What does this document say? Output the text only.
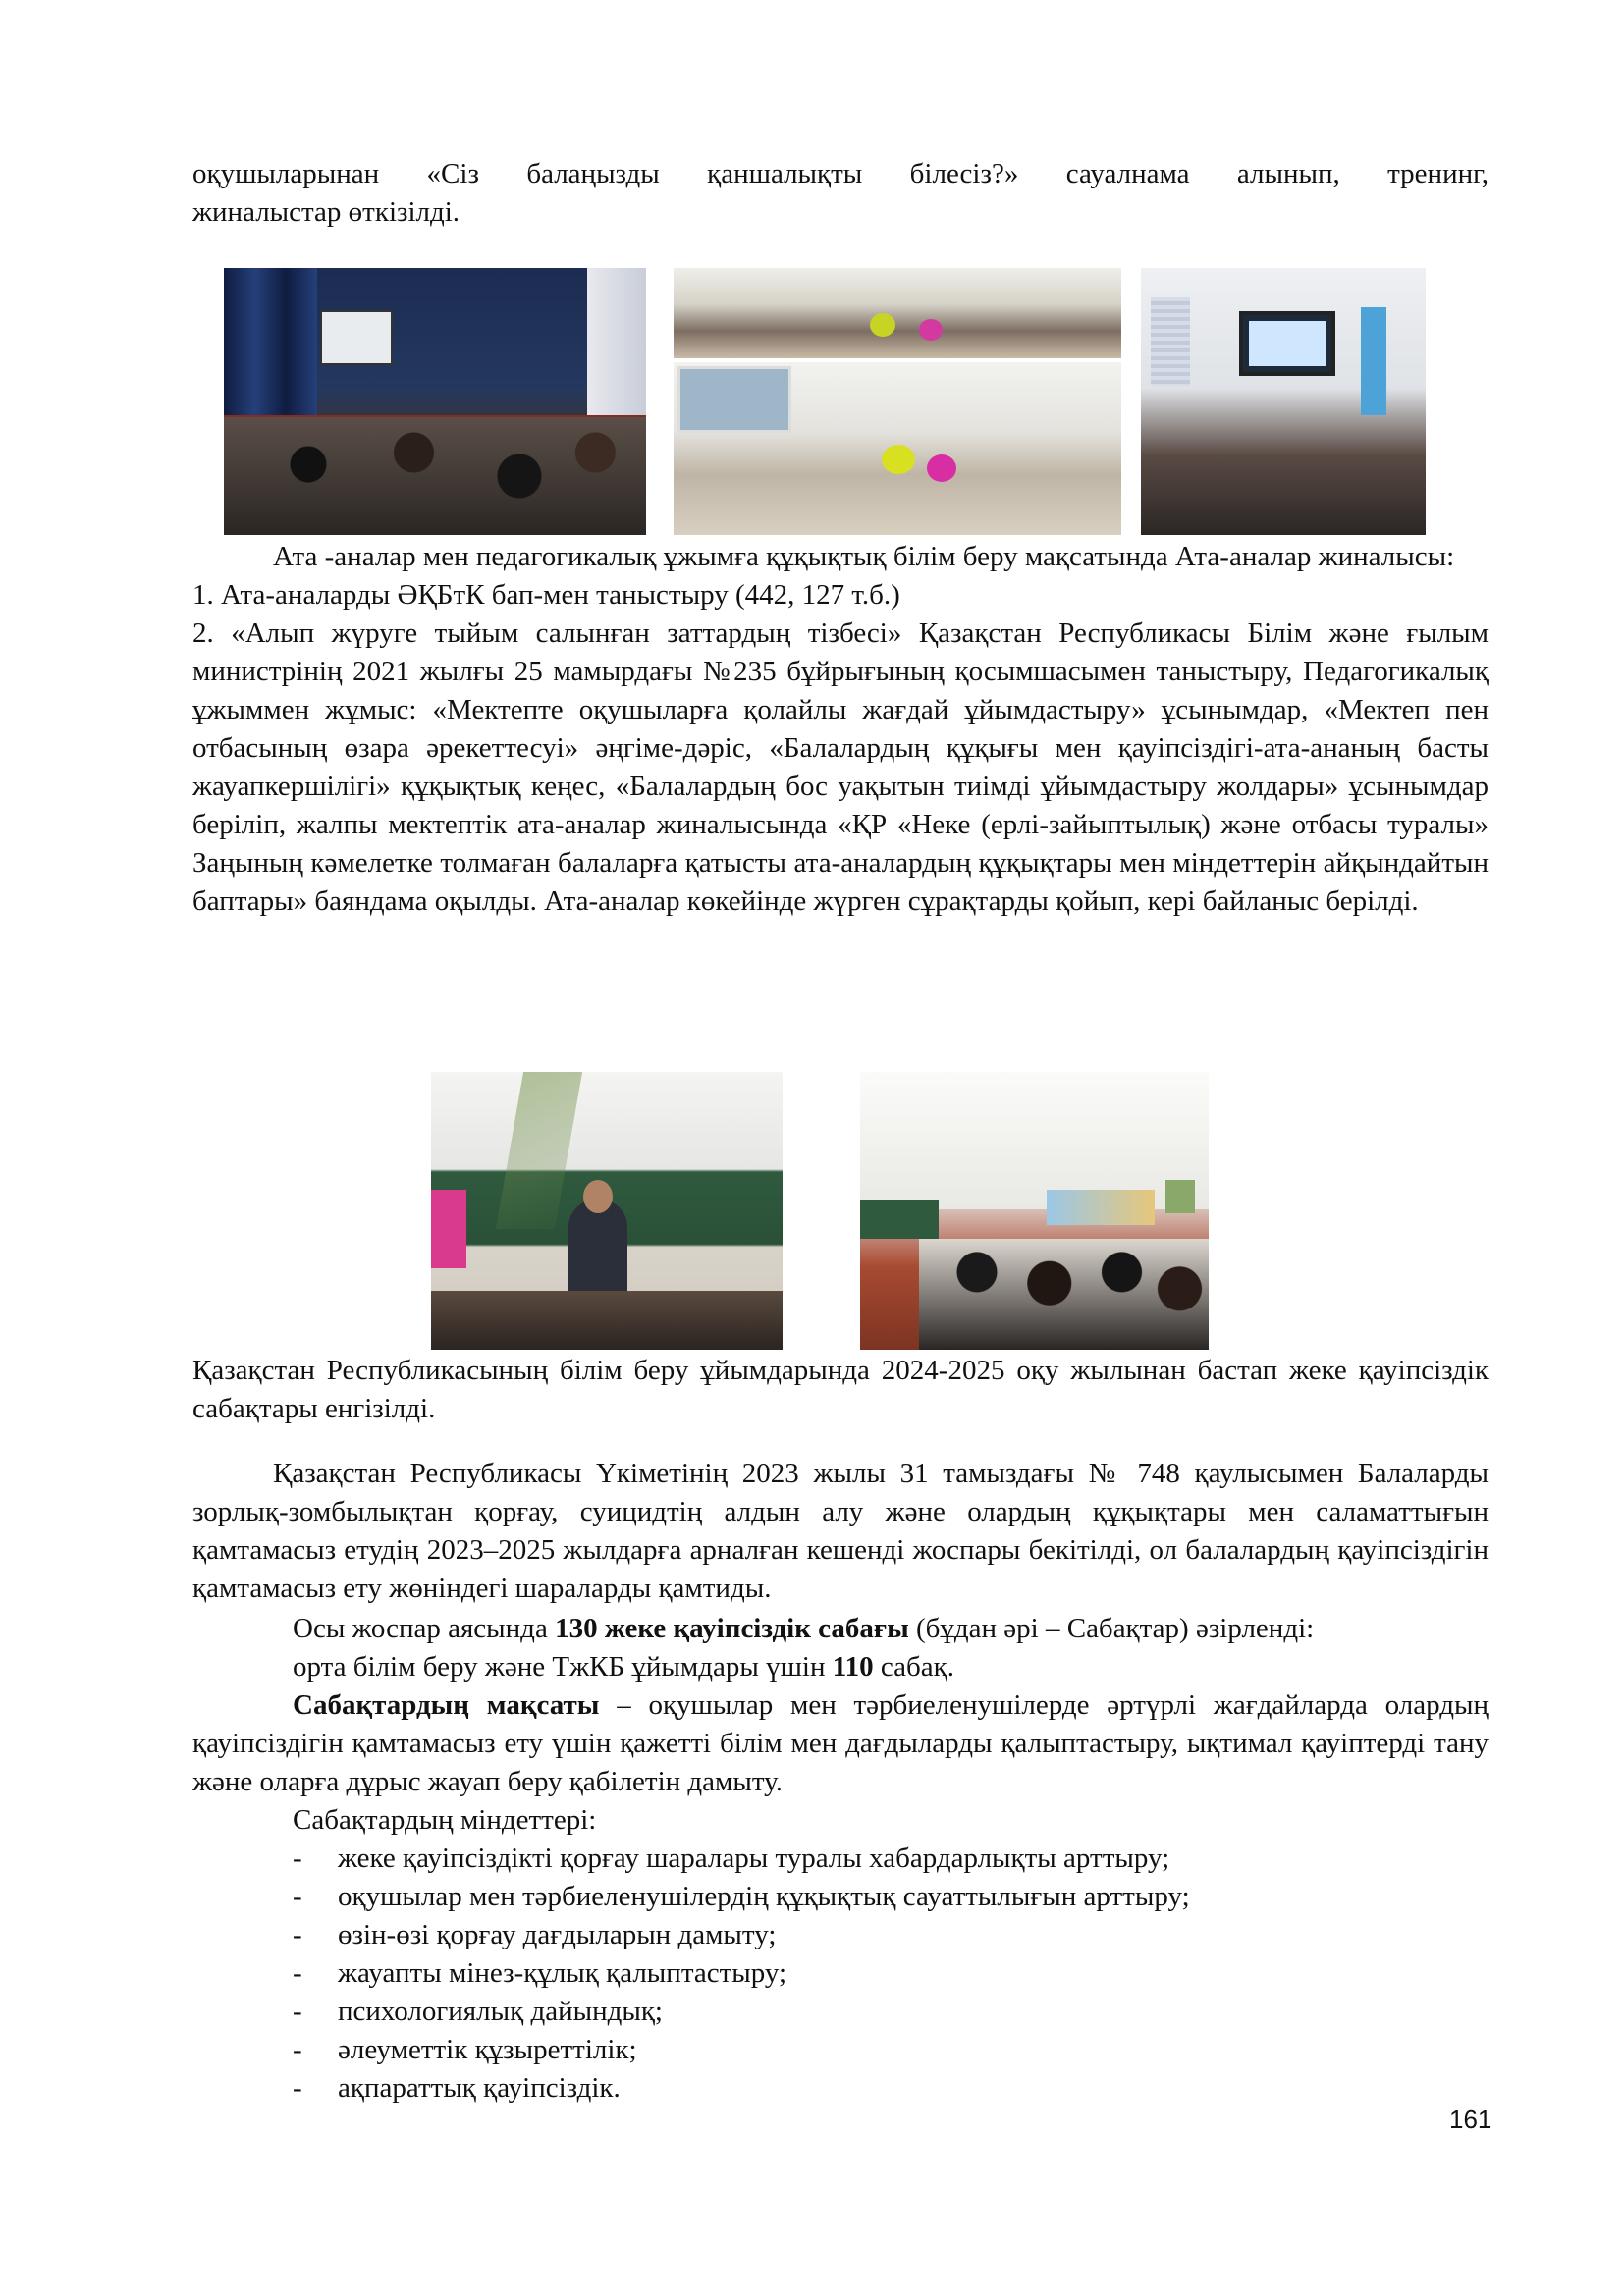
оқушыларынан «Сіз балаңызды қаншалықты білесіз?» сауалнама алынып, тренинг,

жиналыстар өткізілді.

Ата -аналар мен педагогикалық ұжымға құқықтық білім беру мақсатында Ата-аналар жиналысы:

1. Ата-аналарды ӘҚБтК бап-мен таныстыру (442, 127 т.б.)

2. «Алып жүруге тыйым салынған заттардың тізбесі» Қазақстан Республикасы Білім және ғылым министрінің 2021 жылғы 25 мамырдағы №235 бұйрығының қосымшасымен таныстыру, Педагогикалық ұжыммен жұмыс: «Мектепте оқушыларға қолайлы жағдай ұйымдастыру» ұсынымдар, «Мектеп пен отбасының өзара әрекеттесуі» әңгіме-дәріс, «Балалардың құқығы мен қауіпсіздігі-ата-ананың басты жауапкершілігі» құқықтық кеңес, «Балалардың бос уақытын тиімді ұйымдастыру жолдары» ұсынымдар беріліп, жалпы мектептік ата-аналар жиналысында «ҚР «Неке (ерлі-зайыптылық) және отбасы туралы» Заңының кәмелетке толмаған балаларға қатысты ата-аналардың құқықтары мен міндеттерін айқындайтын баптары» баяндама оқылды. Ата-аналар көкейінде жүрген сұрақтарды қойып, кері байланыс берілді.

Қазақстан Республикасының білім беру ұйымдарында 2024-2025 оқу жылынан бастап жеке қауіпсіздік сабақтары енгізілді.

Қазақстан Республикасы Үкіметінің 2023 жылы 31 тамыздағы № 748 қаулысымен Балаларды зорлық-зомбылықтан қорғау, суицидтің алдын алу және олардың құқықтары мен саламаттығын қамтамасыз етудің 2023–2025 жылдарға арналған кешенді жоспары бекітілді, ол балалардың қауіпсіздігін қамтамасыз ету жөніндегі шараларды қамтиды.

Осы жоспар аясында 130 жеке қауіпсіздік сабағы (бұдан әрі – Сабақтар) әзірленді:

орта білім беру және ТжКБ ұйымдары үшін 110 сабақ.

Сабақтардың мақсаты – оқушылар мен тәрбиеленушілерде әртүрлі жағдайларда олардың қауіпсіздігін қамтамасыз ету үшін қажетті білім мен дағдыларды қалыптастыру, ықтимал қауіптерді тану және оларға дұрыс жауап беру қабілетін дамыту.

Сабақтардың міндеттері:

- жеке қауіпсіздікті қорғау шаралары туралы хабардарлықты арттыру;
- оқушылар мен тәрбиеленушілердің құқықтық сауаттылығын арттыру;
- өзін-өзі қорғау дағдыларын дамыту;
- жауапты мінез-құлық қалыптастыру;
- психологиялық дайындық;
- әлеуметтік құзыреттілік;
- ақпараттық қауіпсіздік.
161
